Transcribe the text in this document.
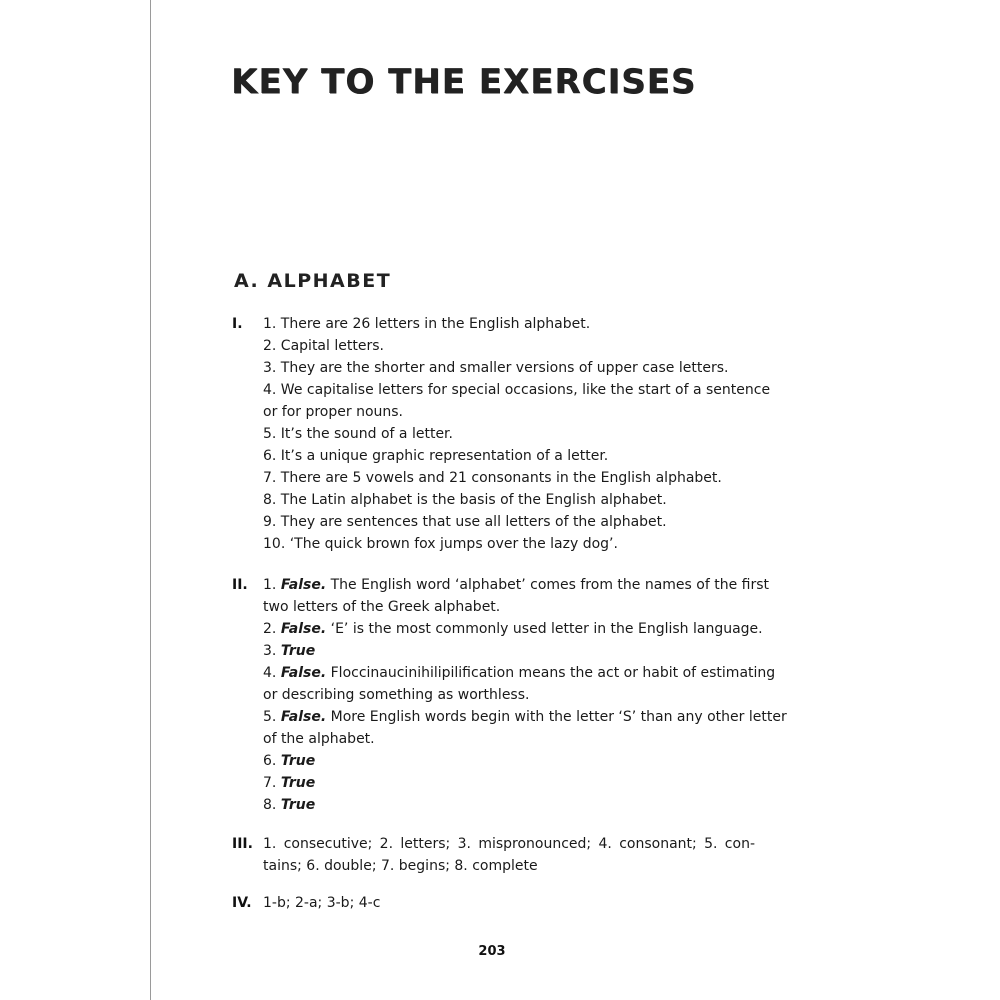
KEY TO THE EXERCISES
A. ALPHABET
I. 1. There are 26 letters in the English alphabet.
2. Capital letters.
3. They are the shorter and smaller versions of upper case letters.
4. We capitalise letters for special occasions, like the start of a sentence
or for proper nouns.
5. It’s the sound of a letter.
6. It’s a unique graphic representation of a letter.
7. There are 5 vowels and 21 consonants in the English alphabet.
8. The Latin alphabet is the basis of the English alphabet.
9. They are sentences that use all letters of the alphabet.
10. ‘The quick brown fox jumps over the lazy dog’.
II. 1. False. The English word ‘alphabet’ comes from the names of the first
two letters of the Greek alphabet.
2. False. ‘E’ is the most commonly used letter in the English language.
3. True
4. False. Floccinaucinihilipilification means the act or habit of estimating
or describing something as worthless.
5. False. More English words begin with the letter ‘S’ than any other letter
of the alphabet.
6. True
7. True
8. True
III. 1. consecutive; 2. letters; 3. mispronounced; 4. consonant; 5. con- tains; 6. double; 7. begins; 8. complete
IV. 1-b; 2-a; 3-b; 4-c
203
